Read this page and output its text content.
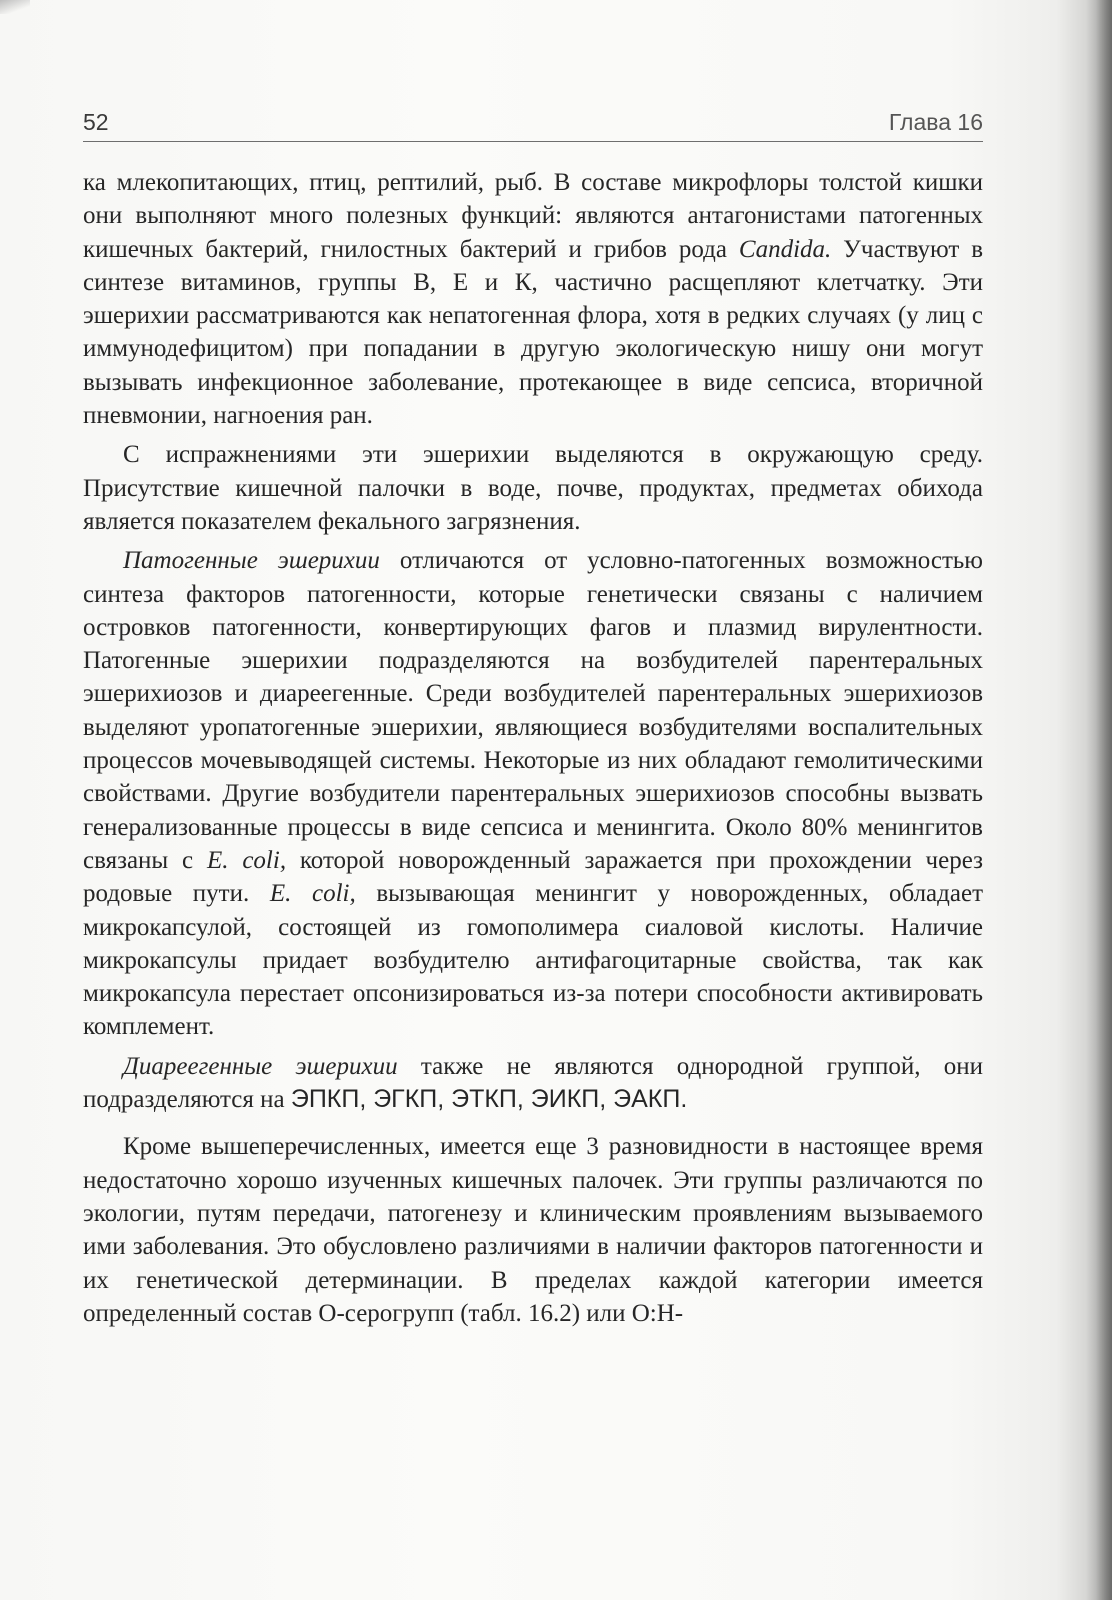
52	Глава 16

ка млекопитающих, птиц, рептилий, рыб. В составе микрофлоры толстой кишки они выполняют много полезных функций: являются антагонистами патогенных кишечных бактерий, гнилостных бактерий и грибов рода Candida. Участвуют в синтезе витаминов, группы В, Е и К, частично расщепляют клетчатку. Эти эшерихии рассматриваются как непатогенная флора, хотя в редких случаях (у лиц с иммунодефицитом) при попадании в другую экологическую нишу они могут вызывать инфекционное заболевание, протекающее в виде сепсиса, вторичной пневмонии, нагноения ран.

С испражнениями эти эшерихии выделяются в окружающую среду. Присутствие кишечной палочки в воде, почве, продуктах, предметах обихода является показателем фекального загрязнения.

Патогенные эшерихии отличаются от условно-патогенных возможностью синтеза факторов патогенности, которые генетически связаны с наличием островков патогенности, конвертирующих фагов и плазмид вирулентности. Патогенные эшерихии подразделяются на возбудителей парентеральных эшерихиозов и диареегенные. Среди возбудителей парентеральных эшерихиозов выделяют уропатогенные эшерихии, являющиеся возбудителями воспалительных процессов мочевыводящей системы. Некоторые из них обладают гемолитическими свойствами. Другие возбудители парентеральных эшерихиозов способны вызвать генерализованные процессы в виде сепсиса и менингита. Около 80% менингитов связаны с E. coli, которой новорожденный заражается при прохождении через родовые пути. E. coli, вызывающая менингит у новорожденных, обладает микрокапсулой, состоящей из гомополимера сиаловой кислоты. Наличие микрокапсулы придает возбудителю антифагоцитарные свойства, так как микрокапсула перестает опсонизироваться из-за потери способности активировать комплемент.

Диареегенные эшерихии также не являются однородной группой, они подразделяются на ЭПКП, ЭГКП, ЭТКП, ЭИКП, ЭАКП.

Кроме вышеперечисленных, имеется еще 3 разновидности в настоящее время недостаточно хорошо изученных кишечных палочек. Эти группы различаются по экологии, путям передачи, патогенезу и клиническим проявлениям вызываемого ими заболевания. Это обусловлено различиями в наличии факторов патогенности и их генетической детерминации. В пределах каждой категории имеется определенный состав О-серогрупп (табл. 16.2) или О:Н-
